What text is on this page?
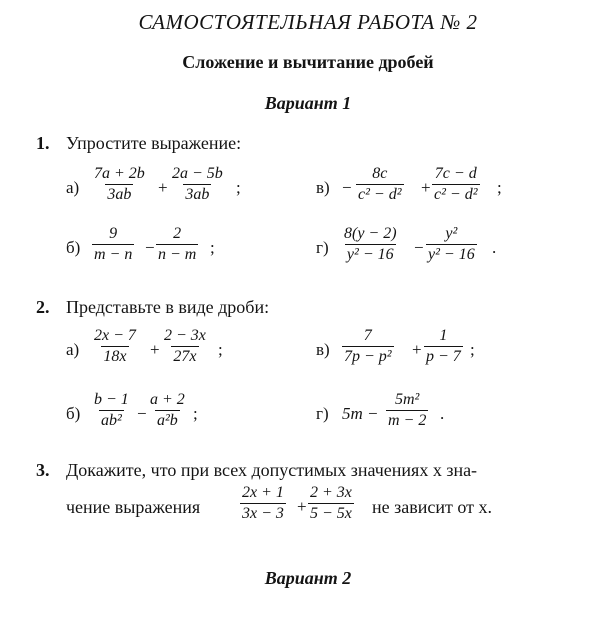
САМОСТОЯТЕЛЬНАЯ РАБОТА № 2
Сложение и вычитание дробей
Вариант 1
1. Упростите выражение:
$а) \frac{7a + 2b}{3ab} + \frac{2a - 5b}{3ab}$ ;	$в) - \frac{8c}{\text{c² − d²}} + \frac{7c - d}{\text{c² − d²}}$ ;
$б) \frac{9}{m - n} - \frac{2}{n - m}$ ;	$г) \frac{8(y - 2)}{\text{y² − 16}} - \frac{\text{y²}}{\text{y² − 16}}$ .
2. Представьте в виде дроби:
$а) \frac{2x - 7}{18x} + \frac{2 - 3x}{27x}$ ;	$в) \frac{7}{\text{7p − p²}} + \frac{1}{p - 7}$ ;
$б) \frac{b - 1}{\text{ab²}} - \frac{a + 2}{\text{a²b}}$ ;	г) $5m - \frac{\text{5m²}}{m - 2}$ .
3. Докажите, что при всех допустимых значениях x зна-
чение выражения $\frac{2x + 1}{3x - 3} + \frac{2 + 3x}{5 - 5x}$ не зависит от x.
Вариант 2
